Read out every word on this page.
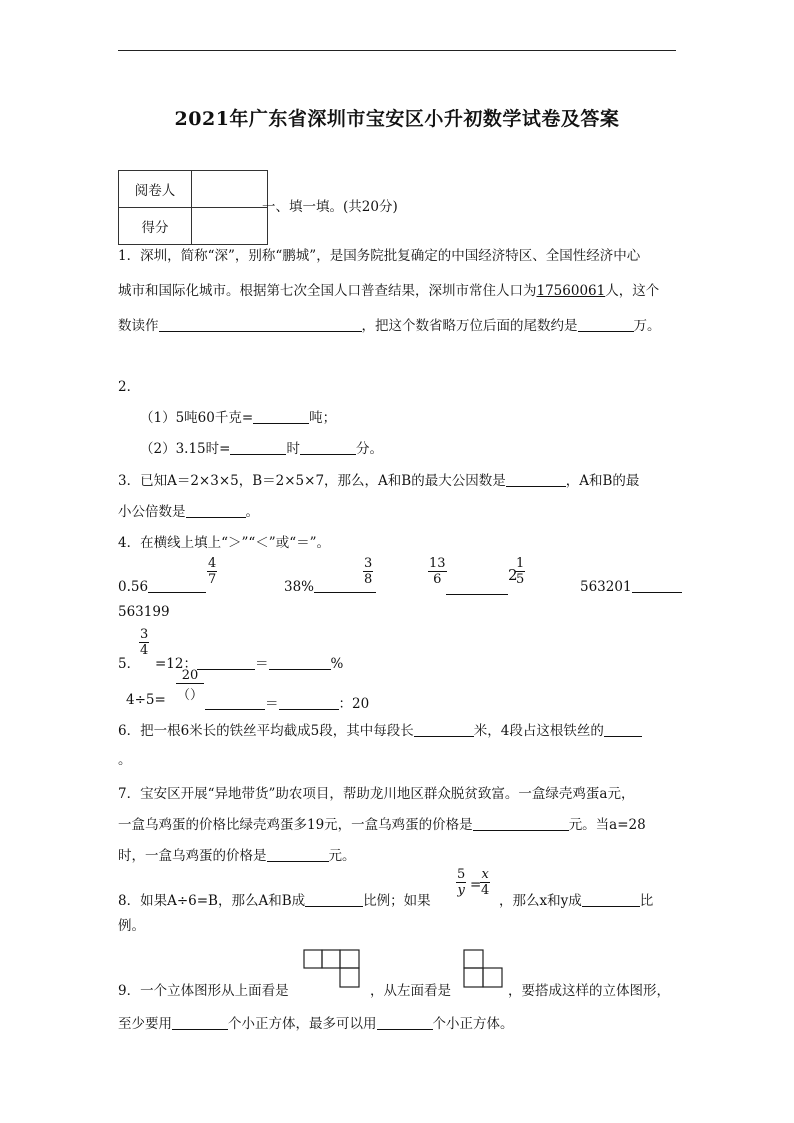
2021年广东省深圳市宝安区小升初数学试卷及答案
阅卷人	
得分	
一、填一填。(共20分)
1．深圳，简称“深”，别称“鹏城”，是国务院批复确定的中国经济特区、全国性经济中心
城市和国际化城市。根据第七次全国人口普查结果，深圳市常住人口为17560061人，这个
数读作	，把这个数省略万位后面的尾数约是	万。
2．
（1）5吨60千克=	吨；
（2）3.15时=	时	分。
3．已知A＝2×3×5，B＝2×5×7，那么，A和B的最大公因数是	，A和B的最
小公倍数是	。
4．在横线上填上“＞”“＜”或“＝”。
0.56	$\frac{4}{7}$	38%	$\frac{3}{8}$	$\frac{13}{6}$	2
$\frac{1}{5}$	563201
563199
$\frac{3}{4}$
5． =12：	＝	%
20
（）
4÷5=	＝	：20
6．把一根6米长的铁丝平均截成5段，其中每段长	米，4段占这根铁丝的
。
7．宝安区开展“异地带货”助农项目，帮助龙川地区群众脱贫致富。一盒绿壳鸡蛋a元，
一盒乌鸡蛋的价格比绿壳鸡蛋多19元，一盒乌鸡蛋的价格是	元。当a=28
时，一盒乌鸡蛋的价格是	元。
8．如果A÷6=B，那么A和B成	比例；如果
$\frac{5}{y}$ =
$\frac{x}{4}$
，那么x和y成	比
例。
9．一个立体图形从上面看是	，从左面看是	，要搭成这样的立体图形，
至少要用	个小正方体，最多可以用	个小正方体。
